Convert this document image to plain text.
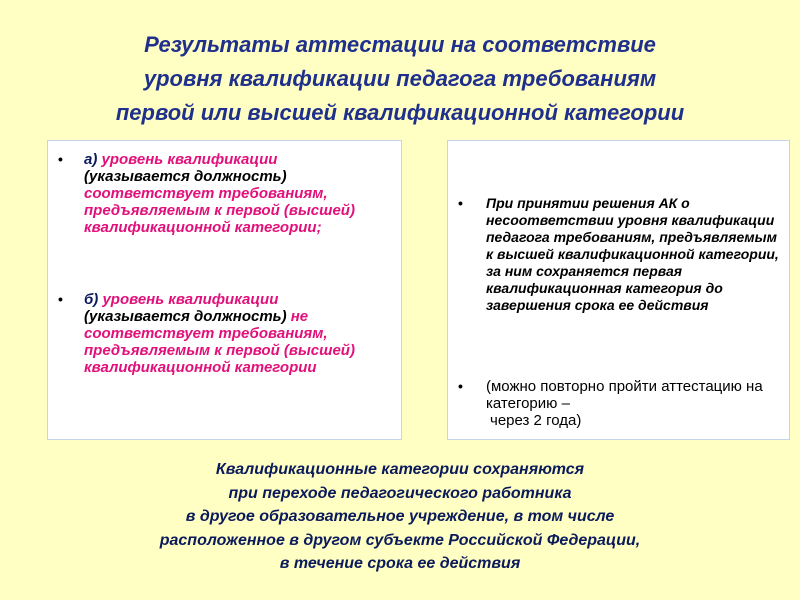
Результаты аттестации на соответствие
уровня квалификации педагога требованиям
первой или высшей квалификационной категории
• а) уровень квалификации
(указывается должность)
соответствует требованиям, предъявляемым к первой (высшей) квалификационной категории;
• б) уровень квалификации
(указывается должность) не
соответствует требованиям, предъявляемым к первой (высшей) квалификационной категории
• При принятии решения АК о несоответствии уровня квалификации педагога требованиям, предъявляемым к высшей квалификационной категории, за ним сохраняется первая квалификационная категория до завершения срока ее действия
• (можно повторно пройти аттестацию на категорию –
через 2 года)
Квалификационные категории сохраняются
при переходе педагогического работника
в другое образовательное учреждение, в том числе
расположенное в другом субъекте Российской Федерации,
в течение срока ее действия
